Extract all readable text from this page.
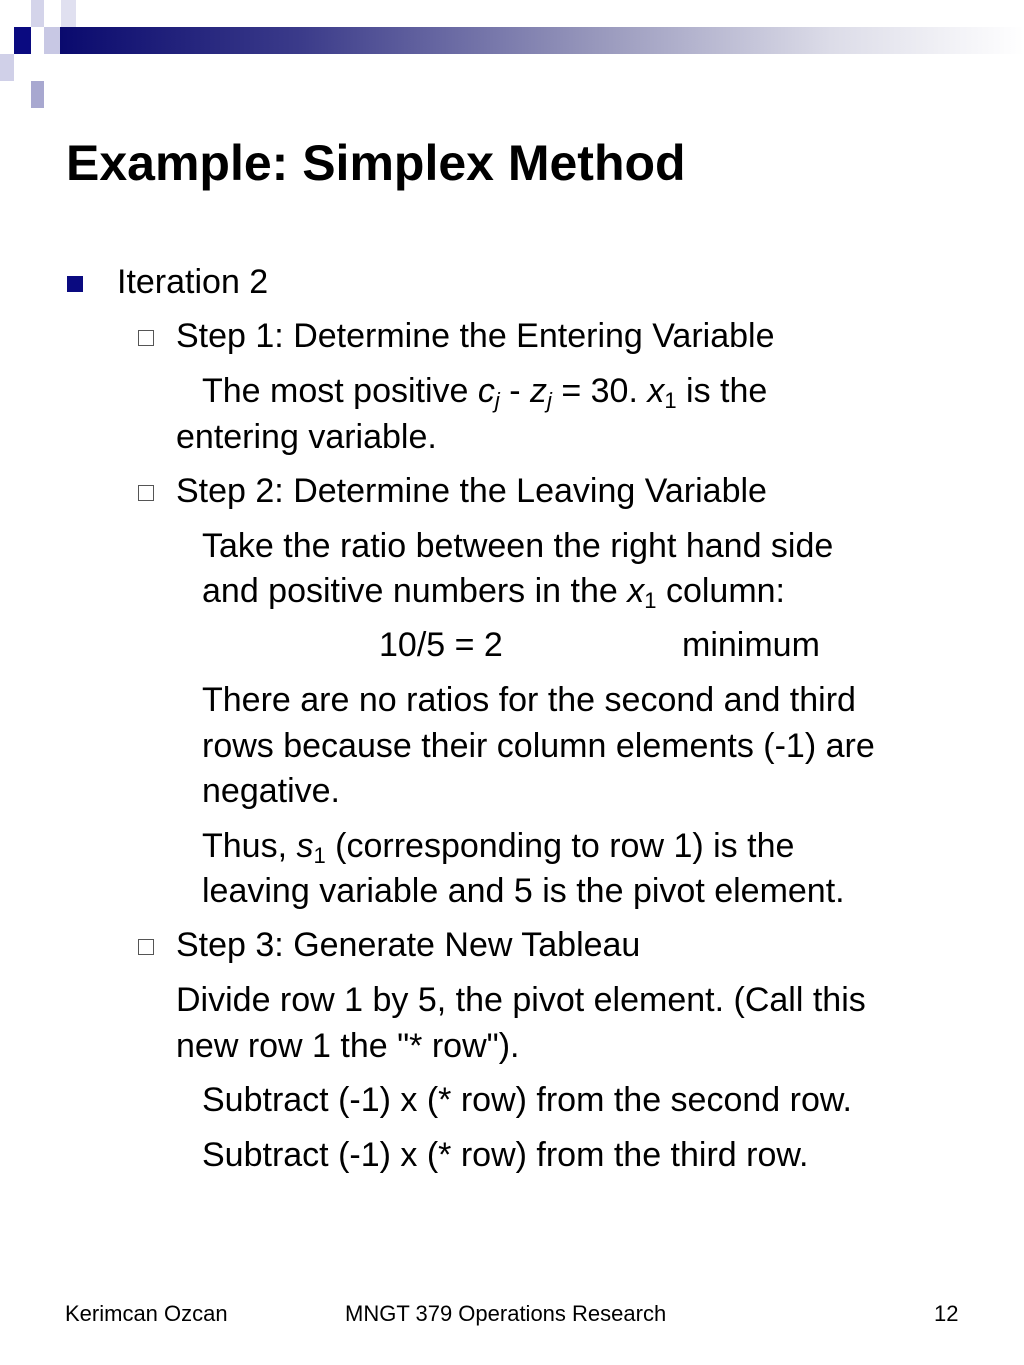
Example: Simplex Method
Iteration 2
Step 1: Determine the Entering Variable
The most positive $c_j - z_j = 30$. $x_1$ is the
entering variable.
Step 2: Determine the Leaving Variable
Take the ratio between the right hand side
and positive numbers in the $x_1$ column:
10/5 = 2	minimum
There are no ratios for the second and third
rows because their column elements (-1) are
negative.
Thus, $s_1$ (corresponding to row 1) is the
leaving variable and 5 is the pivot element.
Step 3: Generate New Tableau
Divide row 1 by 5, the pivot element. (Call this
new row 1 the "* row").
Subtract (-1) x (* row) from the second row.
Subtract (-1) x (* row) from the third row.
Kerimcan Ozcan	MNGT 379 Operations Research	12
